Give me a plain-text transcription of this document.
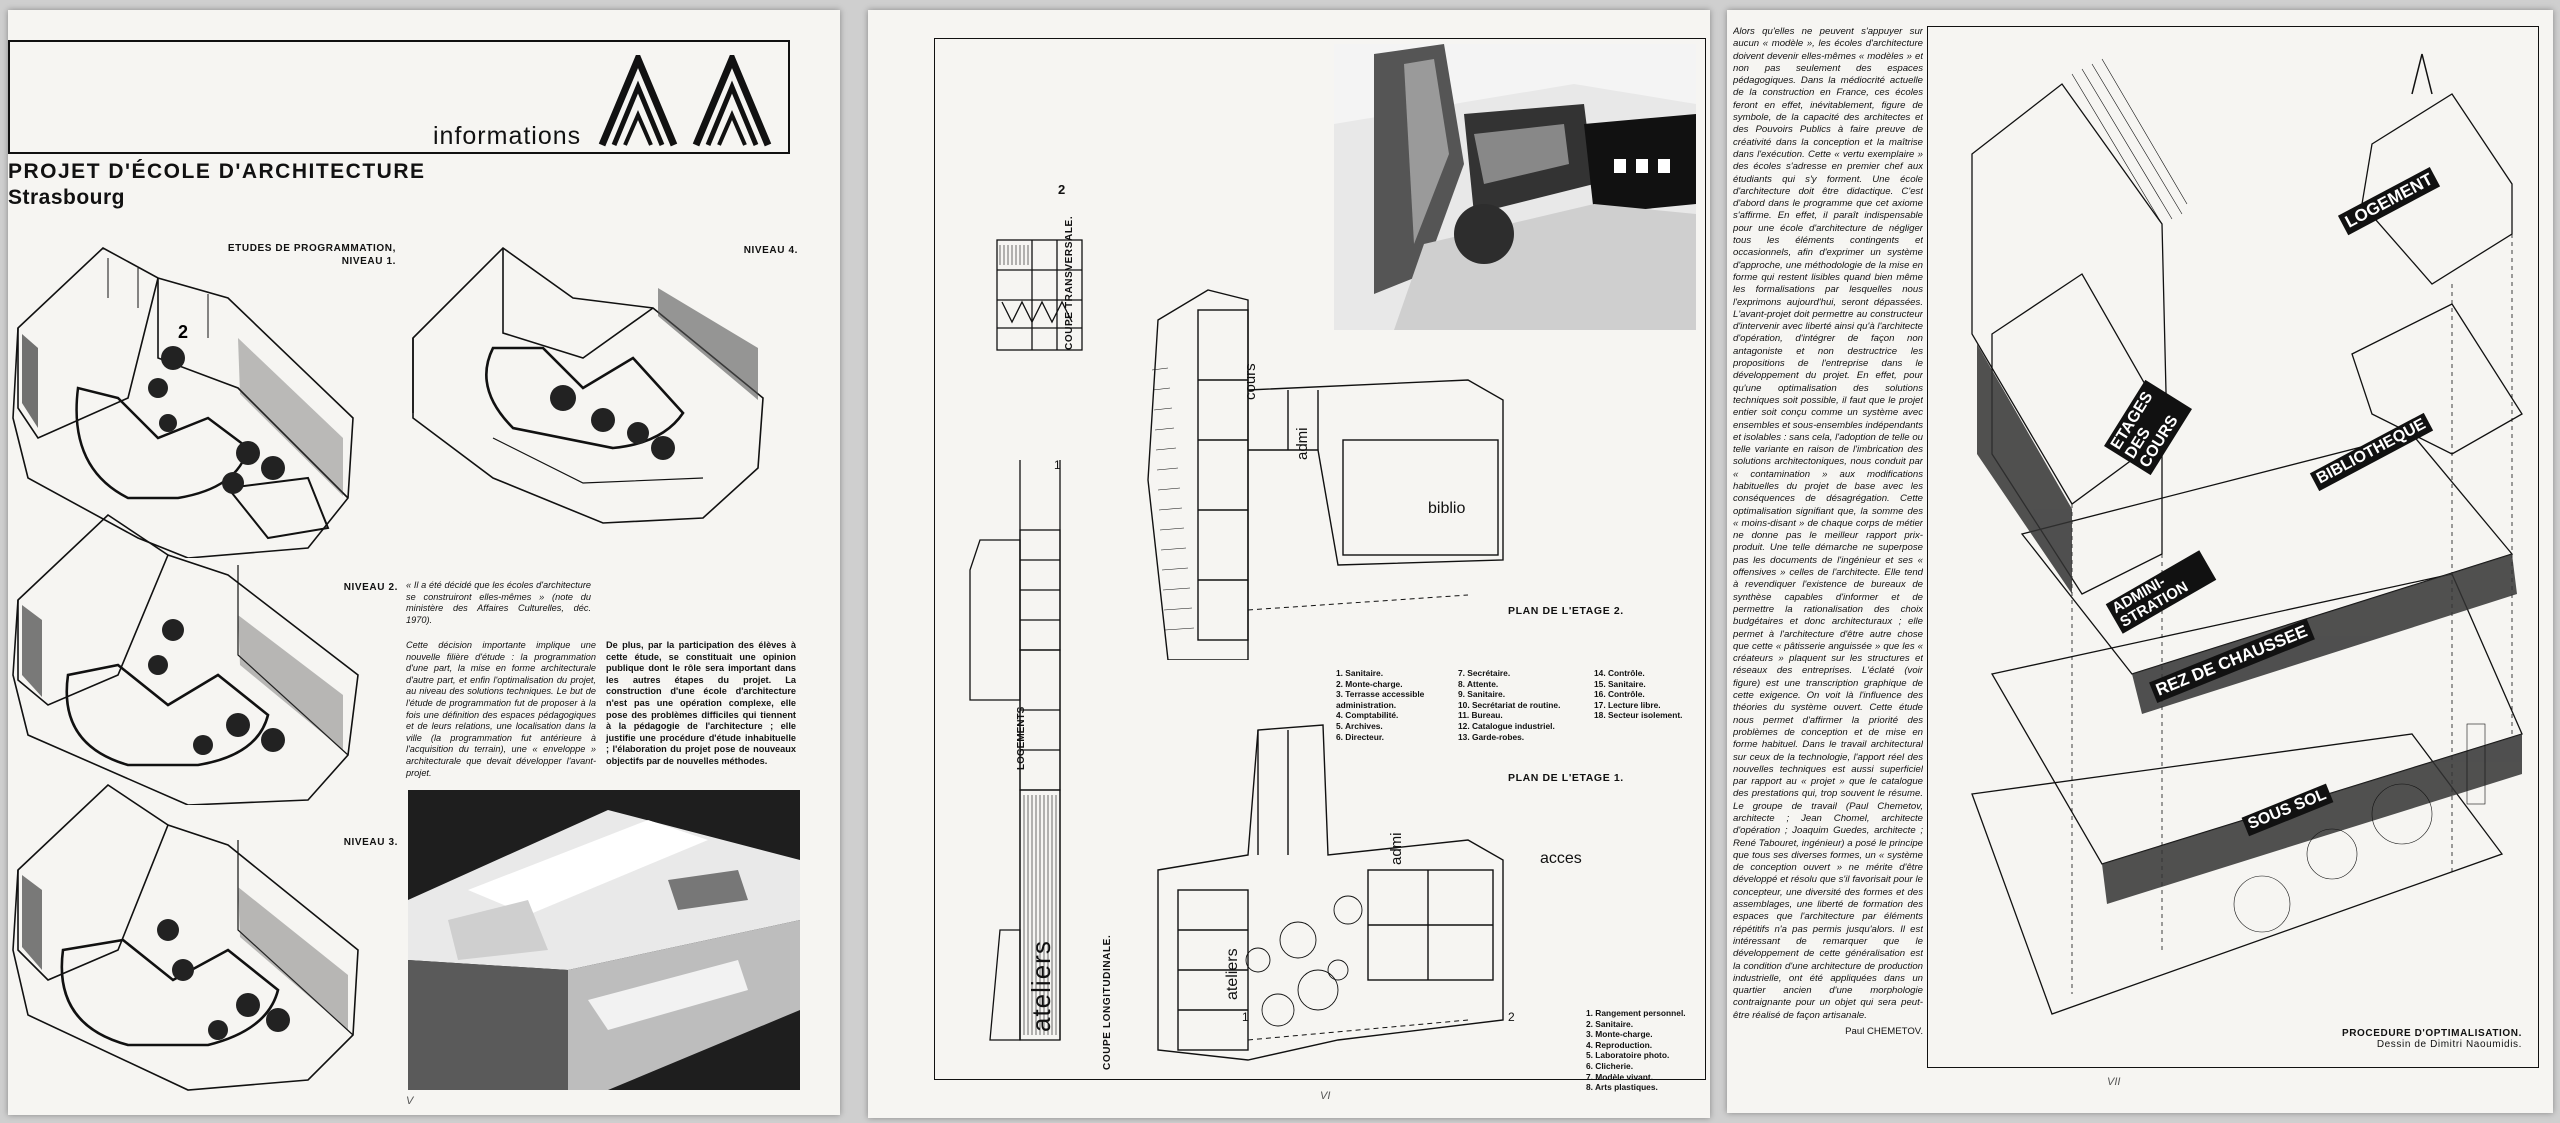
informations
PROJET D'ÉCOLE D'ARCHITECTURE
Strasbourg
ETUDES DE PROGRAMMATION,
NIVEAU 1.
NIVEAU 4.
NIVEAU 2.
NIVEAU 3.
2
« Il a été décidé que les écoles d'architecture se construiront elles-mêmes » (note du ministère des Affaires Culturelles, déc. 1970).
Cette décision importante implique une nouvelle filière d'étude : la programmation d'une part, la mise en forme architecturale d'autre part, et enfin l'optimalisation du projet, au niveau des solutions techniques. Le but de l'étude de programmation fut de proposer à la fois une définition des espaces pédagogiques et de leurs relations, une localisation dans la ville (la programmation fut antérieure à l'acquisition du terrain), une « enveloppe » architecturale que devait développer l'avant-projet.
De plus, par la participation des élèves à cette étude, se constituait une opinion publique dont le rôle sera important dans les autres étapes du projet. La construction d'une école d'architecture n'est pas une opération complexe, elle pose des problèmes difficiles qui tiennent à la pédagogie de l'architecture ; elle justifie une procédure d'étude inhabituelle ; l'élaboration du projet pose de nouveaux objectifs par de nouvelles méthodes.
V
COUPE TRANSVERSALE.
2
LOGEMENTS
ateliers	COUPE LONGITUDINALE.
1
cours
admi
biblio
PLAN DE L'ETAGE 2.
1. Sanitaire.
2. Monte-charge.
3. Terrasse accessible administration.
4. Comptabilité.
5. Archives.
6. Directeur.
7. Secrétaire.
8. Attente.
9. Sanitaire.
10. Secrétariat de routine.
11. Bureau.
12. Catalogue industriel.
13. Garde-robes.
14. Contrôle.
15. Sanitaire.
16. Contrôle.
17. Lecture libre.
18. Secteur isolement.
PLAN DE L'ETAGE 1.
admi	acces
ateliers
2
1	1. Rangement personnel.
2. Sanitaire.
3. Monte-charge.
4. Reproduction.
5. Laboratoire photo.
6. Clicherie.
7. Modèle vivant.
8. Arts plastiques.
VI
Alors qu'elles ne peuvent s'appuyer sur aucun « modèle », les écoles d'architecture doivent devenir elles-mêmes « modèles » et non pas seulement des espaces pédagogiques. Dans la médiocrité actuelle de la construction en France, ces écoles feront en effet, inévitablement, figure de symbole, de la capacité des architectes et des Pouvoirs Publics à faire preuve de créativité dans la conception et la maîtrise dans l'exécution. Cette « vertu exemplaire » des écoles s'adresse en premier chef aux étudiants qui s'y forment. Une école d'architecture doit être didactique. C'est d'abord dans le programme que cet axiome s'affirme. En effet, il paraît indispensable pour une école d'architecture de négliger tous les éléments contingents et occasionnels, afin d'exprimer un système d'approche, une méthodologie de la mise en forme qui restent lisibles quand bien même les formalisations par lesquelles nous l'exprimons aujourd'hui, seront dépassées. L'avant-projet doit permettre au constructeur d'intervenir avec liberté ainsi qu'à l'architecte d'opération, d'intégrer de façon non antagoniste et non destructrice les propositions de l'entreprise dans le développement du projet. En effet, pour qu'une optimalisation des solutions techniques soit possible, il faut que le projet entier soit conçu comme un système avec ensembles et sous-ensembles indépendants et isolables : sans cela, l'adoption de telle ou telle variante en raison de l'imbrication des solutions architectoniques, nous conduit par « contamination » aux modifications habituelles du projet de base avec les conséquences de désagrégation. Cette optimalisation signifiant que, la somme des « moins-disant » de chaque corps de métier ne donne pas le meilleur rapport prix-produit. Une telle démarche ne superpose pas les documents de l'ingénieur et ses « offensives » celles de l'architecte. Elle tend à revendiquer l'existence de bureaux de synthèse capables d'informer et de permettre la rationalisation des choix budgétaires et donc architecturaux ; elle permet à l'architecture d'être autre chose que cette « pâtisserie anguissée » que les « créateurs » plaquent sur les structures et réseaux des entreprises. L'éclaté (voir figure) est une transcription graphique de cette exigence. On voit là l'influence des théories du système ouvert. Cette étude nous permet d'affirmer la priorité des problèmes de conception et de mise en forme habituel. Dans le travail architectural sur ceux de la technologie, l'apport réel des nouvelles techniques est aussi superficiel par rapport au « projet » que le catalogue des prestations qui, trop souvent le résume. Le groupe de travail (Paul Chemetov, architecte ; Jean Chomel, architecte d'opération ; Joaquim Guedes, architecte ; René Tabouret, ingénieur) a posé le principe que tous ses diverses formes, un « système de conception ouvert » ne mérite d'être développé et résolu que s'il favorisait pour le concepteur, une diversité des formes et des assemblages, une liberté de formation des espaces que l'architecture par éléments répétitifs n'a pas permis jusqu'alors. Il est intéressant de remarquer que le développement de cette généralisation est la condition d'une architecture de production industrielle, ont été appliquées dans un quartier ancien d'une morphologie contraignante pour un objet qui sera peut-être réalisé de façon artisanale.
Paul CHEMETOV.
LOGEMENT
ETAGES DES COURS	BIBLIOTHEQUE
ADMINI-STRATION
REZ DE CHAUSSEE
SOUS SOL
PROCEDURE D'OPTIMALISATION.
Dessin de Dimitri Naoumidis.
VII
